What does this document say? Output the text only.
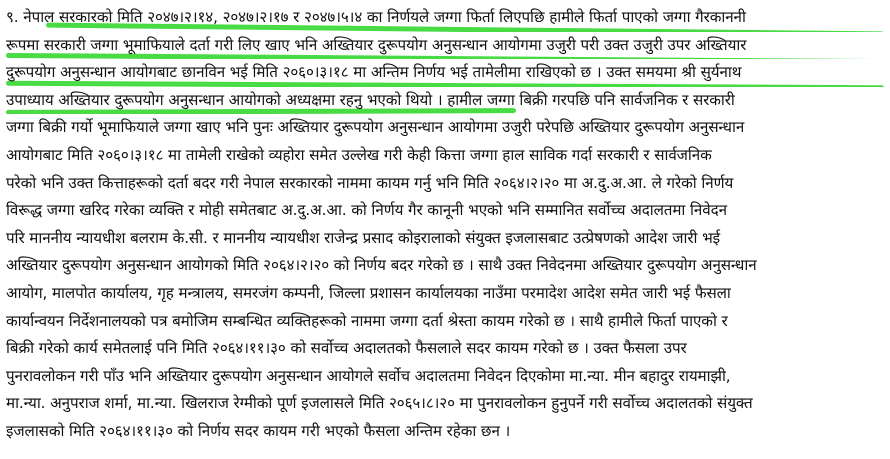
९. नेपाल सरकारको मिति २०४७।२।१४, २०४७।२।१७ र २०४७।५।४ का निर्णयले जग्गा फिर्ता लिएपछि हामीले फिर्ता पाएको जग्गा गैरकाननी
रूपमा सरकारी जग्गा भूमाफियाले दर्ता गरी लिए खाए भनि अख्तियार दुरूपयोग अनुसन्धान आयोगमा उजुरी परी उक्त उजुरी उपर अख्तियार
दुरूपयोग अनुसन्धान आयोगबाट छानविन भई मिति २०६०।३।१८ मा अन्तिम निर्णय भई तामेलीमा राखिएको छ । उक्त समयमा श्री सुर्यनाथ
उपाध्याय अख्तियार दुरूपयोग अनुसन्धान आयोगको अध्यक्षमा रहनु भएको थियो । हामील जग्गा बिक्री गरपछि पनि सार्वजनिक र सरकारी
जग्गा बिक्री गर्यो भूमाफियाले जग्गा खाए भनि पुनः अख्तियार दुरूपयोग अनुसन्धान आयोगमा उजुरी परेपछि अख्तियार दुरूपयोग अनुसन्धान
आयोगबाट मिति २०६०।३।१८ मा तामेली राखेको व्यहोरा समेत उल्लेख गरी केही कित्ता जग्गा हाल साविक गर्दा सरकारी र सार्वजनिक
परेको भनि उक्त कित्ताहरूको दर्ता बदर गरी नेपाल सरकारको नाममा कायम गर्नु भनि मिति २०६४।२।२० मा अ.दु.अ.आ. ले गरेको निर्णय
विरूद्ध जग्गा खरिद गरेका व्यक्ति र मोही समेतबाट अ.दु.अ.आ. को निर्णय गैर कानूनी भएको भनि सम्मानित सर्वोच्च अदालतमा निवेदन
परि माननीय न्यायधीश बलराम के.सी. र माननीय न्यायधीश राजेन्द्र प्रसाद कोइरालाको संयुक्त इजलासबाट उत्प्रेषणको आदेश जारी भई
अख्तियार दुरूपयोग अनुसन्धान आयोगको मिति २०६४।२।२० को निर्णय बदर गरेको छ । साथै उक्त निवेदनमा अख्तियार दुरूपयोग अनुसन्धान
आयोग, मालपोत कार्यालय, गृह मन्त्रालय, समरजंग कम्पनी, जिल्ला प्रशासन कार्यालयका नाउँमा परमादेश आदेश समेत जारी भई फैसला
कार्यान्वयन निर्देशनालयको पत्र बमोजिम सम्बन्धित व्यक्तिहरूको नाममा जग्गा दर्ता श्रेस्ता कायम गरेको छ । साथै हामीले फिर्ता पाएको र
बिक्री गरेको कार्य समेतलाई पनि मिति २०६४।११।३० को सर्वोच्च अदालतको फैसलाले सदर कायम गरेको छ । उक्त फैसला उपर
पुनरावलोकन गरी पाँउ भनि अख्तियार दुरूपयोग अनुसन्धान आयोगले सर्वोच अदालतमा निवेदन दिएकोमा मा.न्या. मीन बहादुर रायमाझी,
मा.न्या. अनुपराज शर्मा, मा.न्या. खिलराज रेग्मीको पूर्ण इजलासले मिति २०६५।८।२० मा पुनरावलोकन हुनुपर्ने गरी सर्वोच्च अदालतको संयुक्त
इजलासको मिति २०६४।११।३० को निर्णय सदर कायम गरी भएको फैसला अन्तिम रहेका छन ।
